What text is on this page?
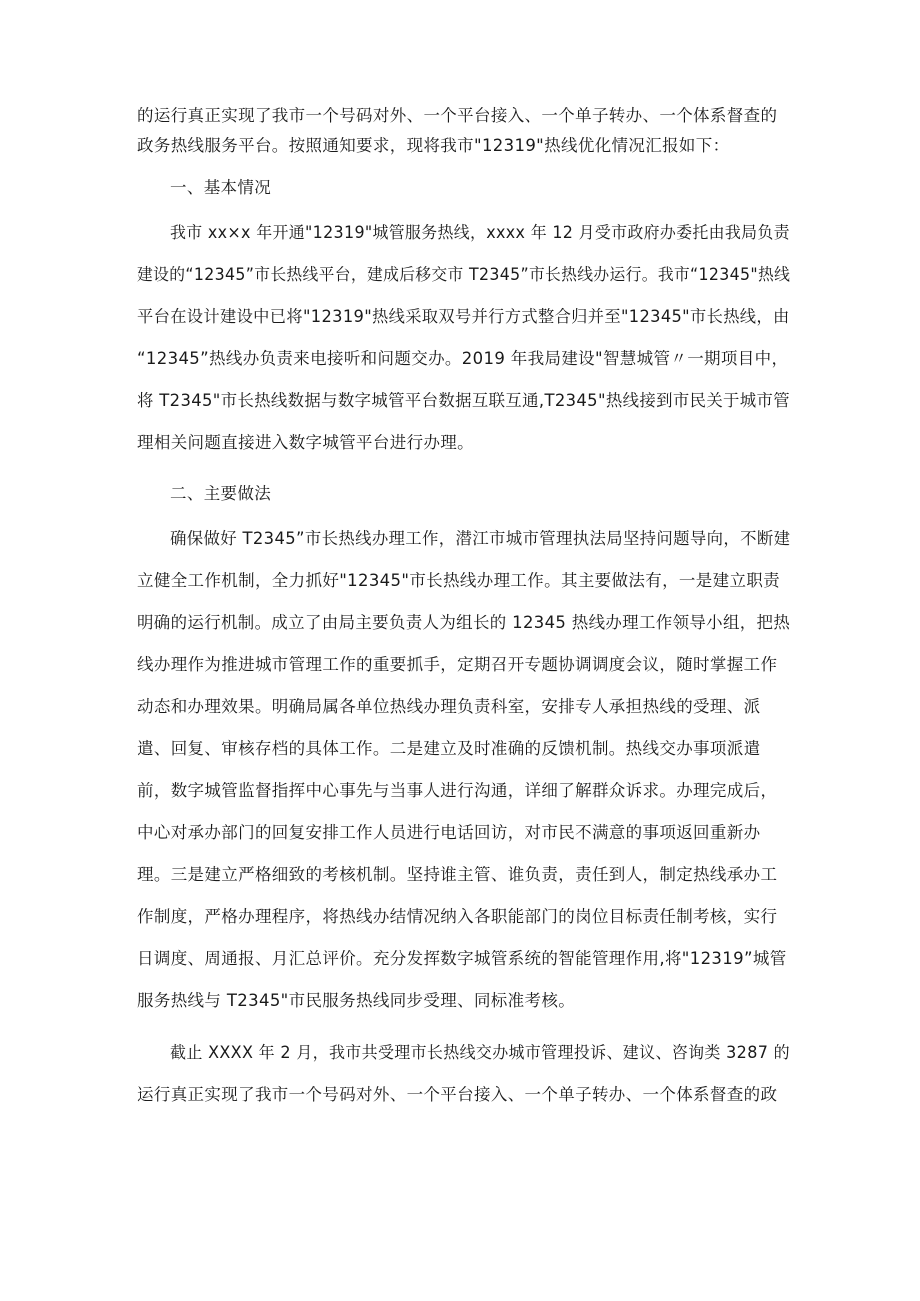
的运行真正实现了我市一个号码对外、一个平台接入、一个单子转办、一个体系督查的
政务热线服务平台。按照通知要求，现将我市"12319"热线优化情况汇报如下：
一、基本情况
我市 xx×x 年开通"12319"城管服务热线，xxxx 年 12 月受市政府办委托由我局负责
建设的“12345”市长热线平台，建成后移交市 T2345”市长热线办运行。我市“12345"热线
平台在设计建设中已将"12319"热线采取双号并行方式整合归并至"12345"市长热线，由
“12345”热线办负责来电接听和问题交办。2019 年我局建设"智慧城管〃一期项目中，
将 T2345"市长热线数据与数字城管平台数据互联互通,T2345"热线接到市民关于城市管
理相关问题直接进入数字城管平台进行办理。
二、主要做法
确保做好 T2345”市长热线办理工作，潜江市城市管理执法局坚持问题导向，不断建
立健全工作机制，全力抓好"12345"市长热线办理工作。其主要做法有，一是建立职责
明确的运行机制。成立了由局主要负责人为组长的 12345 热线办理工作领导小组，把热
线办理作为推进城市管理工作的重要抓手，定期召开专题协调调度会议，随时掌握工作
动态和办理效果。明确局属各单位热线办理负责科室，安排专人承担热线的受理、派
遣、回复、审核存档的具体工作。二是建立及时准确的反馈机制。热线交办事项派遣
前，数字城管监督指挥中心事先与当事人进行沟通，详细了解群众诉求。办理完成后，
中心对承办部门的回复安排工作人员进行电话回访，对市民不满意的事项返回重新办
理。三是建立严格细致的考核机制。坚持谁主管、谁负责，责任到人，制定热线承办工
作制度，严格办理程序，将热线办结情况纳入各职能部门的岗位目标责任制考核，实行
日调度、周通报、月汇总评价。充分发挥数字城管系统的智能管理作用,将"12319”城管
服务热线与 T2345"市民服务热线同步受理、同标准考核。
截止 XXXX 年 2 月，我市共受理市长热线交办城市管理投诉、建议、咨询类 3287 的
运行真正实现了我市一个号码对外、一个平台接入、一个单子转办、一个体系督查的政
